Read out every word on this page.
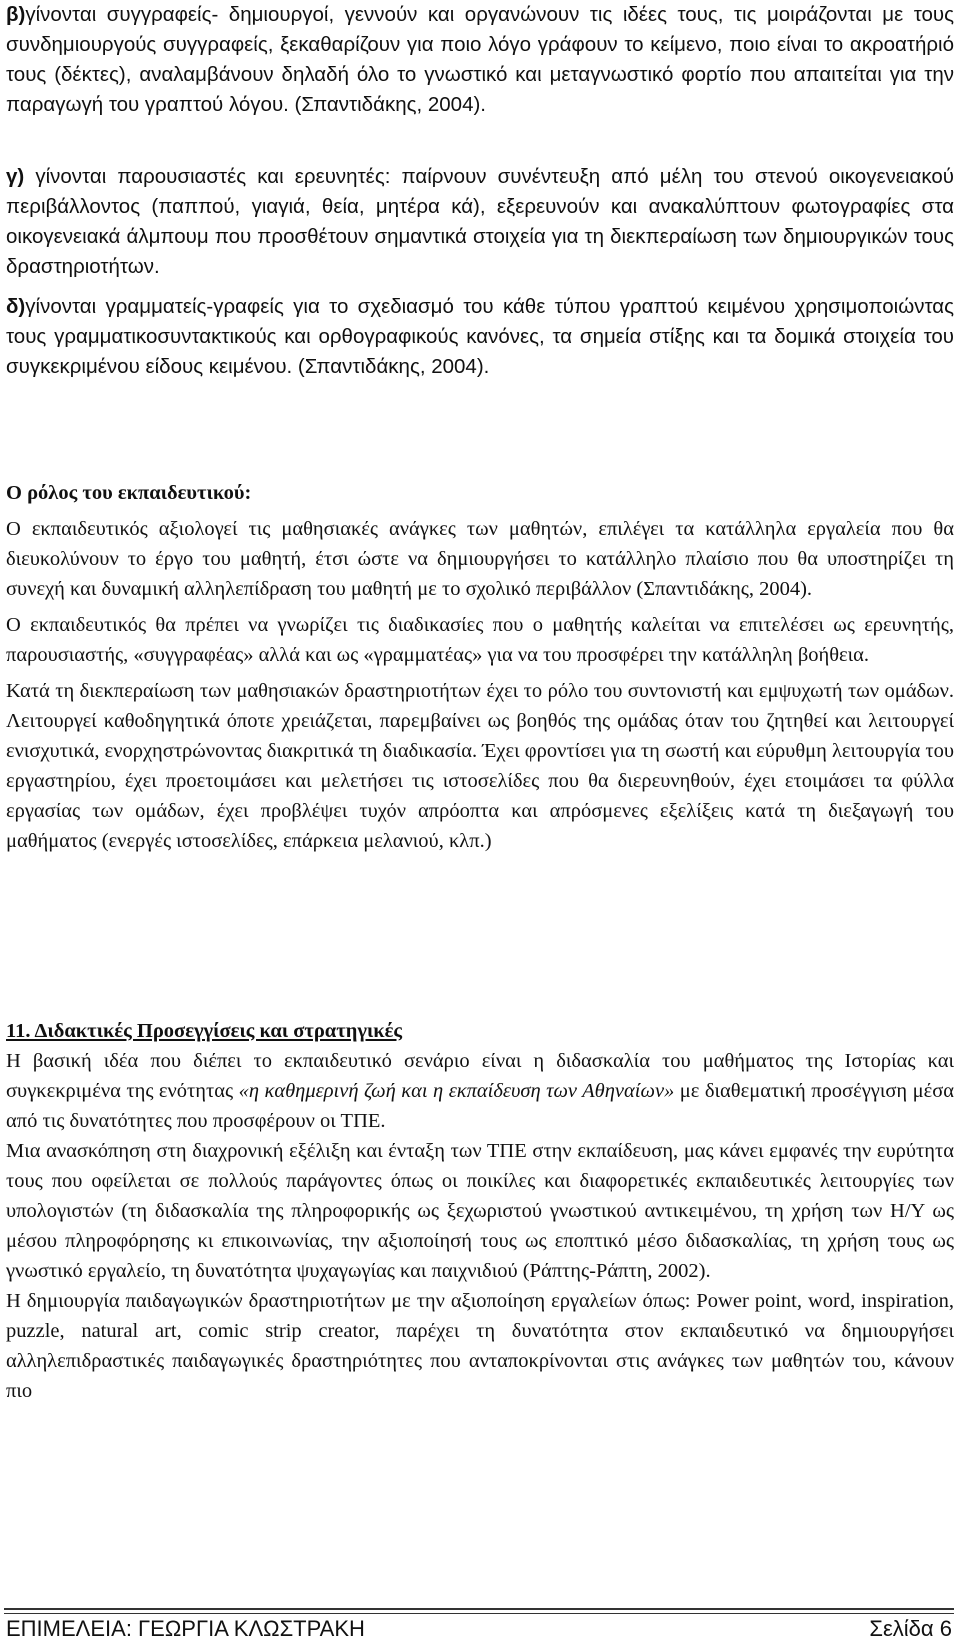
β)γίνονται συγγραφείς- δημιουργοί, γεννούν και οργανώνουν τις ιδέες τους, τις μοιράζονται με τους συνδημιουργούς συγγραφείς, ξεκαθαρίζουν για ποιο λόγο γράφουν το κείμενο, ποιο είναι το ακροατήριό τους (δέκτες), αναλαμβάνουν δηλαδή όλο το γνωστικό και μεταγνωστικό φορτίο που απαιτείται για την παραγωγή του γραπτού λόγου. (Σπαντιδάκης, 2004).

γ) γίνονται παρουσιαστές και ερευνητές: παίρνουν συνέντευξη από μέλη του στενού οικογενειακού περιβάλλοντος (παππού, γιαγιά, θεία, μητέρα κά), εξερευνούν και ανακαλύπτουν φωτογραφίες στα οικογενειακά άλμπουμ που προσθέτουν σημαντικά στοιχεία για τη διεκπεραίωση των δημιουργικών τους δραστηριοτήτων.

δ)γίνονται γραμματείς-γραφείς για το σχεδιασμό του κάθε τύπου γραπτού κειμένου χρησιμοποιώντας τους γραμματικοσυντακτικούς και ορθογραφικούς κανόνες, τα σημεία στίξης και τα δομικά στοιχεία του συγκεκριμένου είδους κειμένου. (Σπαντιδάκης, 2004).

Ο ρόλος του εκπαιδευτικού:

Ο εκπαιδευτικός αξιολογεί τις μαθησιακές ανάγκες των μαθητών, επιλέγει τα κατάλληλα εργαλεία που θα διευκολύνουν το έργο του μαθητή, έτσι ώστε να δημιουργήσει το κατάλληλο πλαίσιο που θα υποστηρίζει τη συνεχή και δυναμική αλληλεπίδραση του μαθητή με το σχολικό περιβάλλον (Σπαντιδάκης, 2004).

Ο εκπαιδευτικός θα πρέπει να γνωρίζει τις διαδικασίες που ο μαθητής καλείται να επιτελέσει ως ερευνητής, παρουσιαστής, «συγγραφέας» αλλά και ως «γραμματέας» για να του προσφέρει την κατάλληλη βοήθεια.

Κατά τη διεκπεραίωση των μαθησιακών δραστηριοτήτων έχει το ρόλο του συντονιστή και εμψυχωτή των ομάδων. Λειτουργεί καθοδηγητικά όποτε χρειάζεται, παρεμβαίνει ως βοηθός της ομάδας όταν του ζητηθεί και λειτουργεί ενισχυτικά, ενορχηστρώνοντας διακριτικά τη διαδικασία. Έχει φροντίσει για τη σωστή και εύρυθμη λειτουργία του εργαστηρίου, έχει προετοιμάσει και μελετήσει τις ιστοσελίδες που θα διερευνηθούν, έχει ετοιμάσει τα φύλλα εργασίας των ομάδων, έχει προβλέψει τυχόν απρόοπτα και απρόσμενες εξελίξεις κατά τη διεξαγωγή του μαθήματος (ενεργές ιστοσελίδες, επάρκεια μελανιού, κλπ.)

11. Διδακτικές Προσεγγίσεις και στρατηγικές

Η βασική ιδέα που διέπει το εκπαιδευτικό σενάριο είναι η διδασκαλία του μαθήματος της Ιστορίας και συγκεκριμένα της ενότητας «η καθημερινή ζωή και η εκπαίδευση των Αθηναίων» με διαθεματική προσέγγιση μέσα από τις δυνατότητες που προσφέρουν οι ΤΠΕ.

Μια ανασκόπηση στη διαχρονική εξέλιξη και ένταξη των ΤΠΕ στην εκπαίδευση, μας κάνει εμφανές την ευρύτητα τους που οφείλεται σε πολλούς παράγοντες όπως οι ποικίλες και διαφορετικές εκπαιδευτικές λειτουργίες των υπολογιστών (τη διδασκαλία της πληροφορικής ως ξεχωριστού γνωστικού αντικειμένου, τη χρήση των Η/Υ ως μέσου πληροφόρησης κι επικοινωνίας, την αξιοποίησή τους ως εποπτικό μέσο διδασκαλίας, τη χρήση τους ως γνωστικό εργαλείο, τη δυνατότητα ψυχαγωγίας και παιχνιδιού (Ράπτης-Ράπτη, 2002).

Η δημιουργία παιδαγωγικών δραστηριοτήτων με την αξιοποίηση εργαλείων όπως: Power point, word, inspiration, puzzle, natural art, comic strip creator, παρέχει τη δυνατότητα στον εκπαιδευτικό να δημιουργήσει αλληλεπιδραστικές παιδαγωγικές δραστηριότητες που ανταποκρίνονται στις ανάγκες των μαθητών του, κάνουν πιο

ΕΠΙΜΕΛΕΙΑ: ΓΕΩΡΓΙΑ ΚΛΩΣΤΡΑΚΗ	Σελίδα 6
